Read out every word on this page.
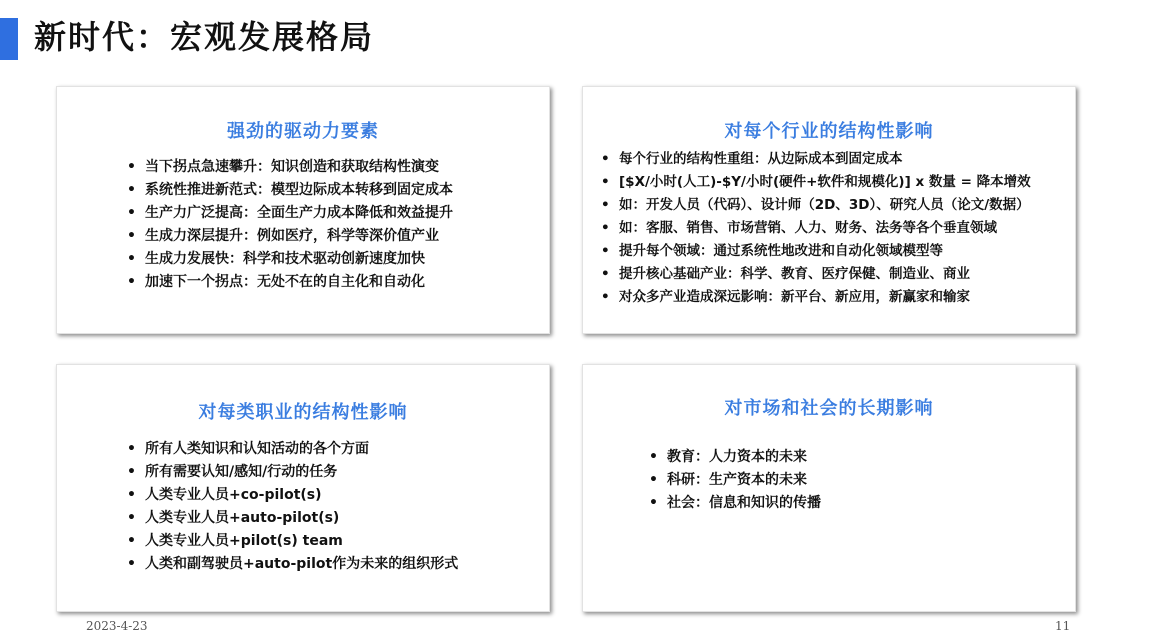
新时代：宏观发展格局
强劲的驱动力要素
• 当下拐点急速攀升：知识创造和获取结构性演变
• 系统性推进新范式：模型边际成本转移到固定成本
• 生产力广泛提高：全面生产力成本降低和效益提升
• 生成力深层提升：例如医疗，科学等深价值产业
• 生成力发展快：科学和技术驱动创新速度加快
• 加速下一个拐点：无处不在的自主化和自动化
对每个行业的结构性影响
• 每个行业的结构性重组：从边际成本到固定成本
• [$X/小时(人工)-$Y/小时(硬件+软件和规模化)] x 数量 = 降本增效
• 如：开发人员（代码）、设计师（2D、3D）、研究人员（论文/数据）
• 如：客服、销售、市场营销、人力、财务、法务等各个垂直领域
• 提升每个领域：通过系统性地改进和自动化领域模型等
• 提升核心基础产业：科学、教育、医疗保健、制造业、商业
• 对众多产业造成深远影响：新平台、新应用，新赢家和输家
对每类职业的结构性影响
• 所有人类知识和认知活动的各个方面
• 所有需要认知/感知/行动的任务
• 人类专业人员+co-pilot(s)
• 人类专业人员+auto-pilot(s)
• 人类专业人员+pilot(s) team
• 人类和副驾驶员+auto-pilot作为未来的组织形式
对市场和社会的长期影响
• 教育：人力资本的未来
• 科研：生产资本的未来
• 社会：信息和知识的传播
2023-4-23	11
